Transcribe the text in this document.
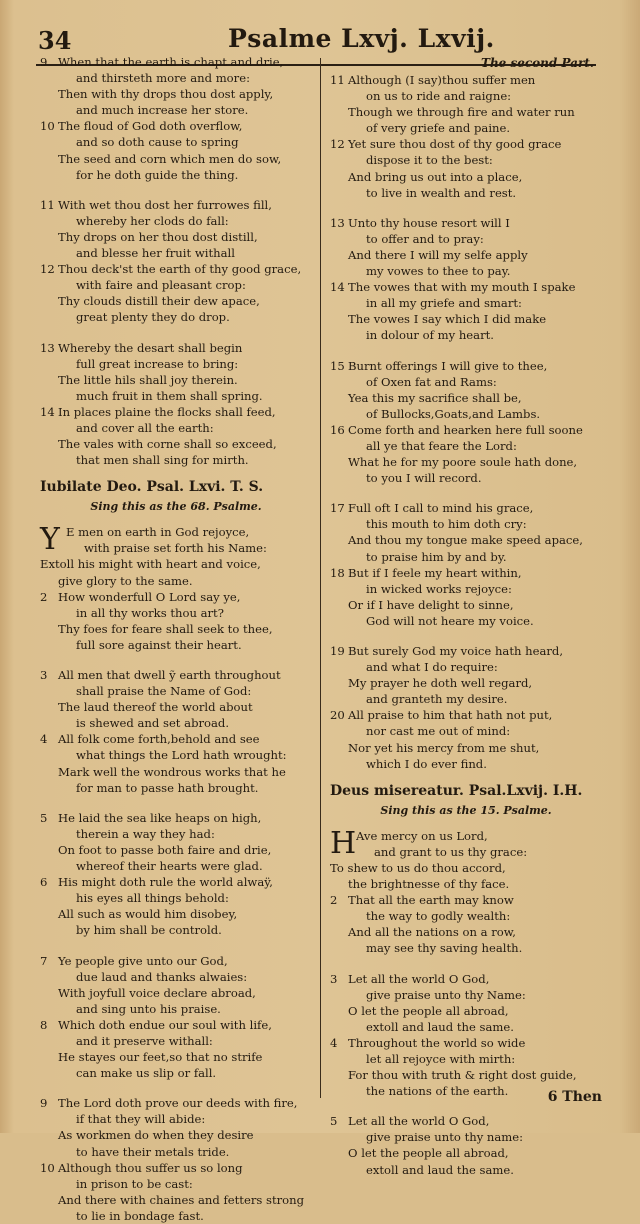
34	Psalme Lxvj. Lxvij.
9 When that the earth is chapt and drie,
and thirsteth more and more:
Then with thy drops thou dost apply,
and much increase her store.
10 The floud of God doth overflow,
and so doth cause to spring
The seed and corn which men do sow,
for he doth guide the thing.
11 With wet thou dost her furrowes fill,
whereby her clods do fall:
Thy drops on her thou dost distill,
and blesse her fruit withall
12 Thou deck'st the earth of thy good grace,
with faire and pleasant crop:
Thy clouds distill their dew apace,
great plenty they do drop.
13 Whereby the desart shall begin
full great increase to bring:
The little hils shall joy therein.
much fruit in them shall spring.
14 In places plaine the flocks shall feed,
and cover all the earth:
The vales with corne shall so exceed,
that men shall sing for mirth.
Iubilate Deo. Psal. Lxvi. T. S.
Sing this as the 68. Psalme.
Y E men on earth in God rejoyce,
with praise set forth his Name:
Extoll his might with heart and voice,
give glory to the same.
2 How wonderfull O Lord say ye,
in all thy works thou art?
Thy foes for feare shall seek to thee,
full sore against their heart.
3 All men that dwell ỹ earth throughout
shall praise the Name of God:
The laud thereof the world about
is shewed and set abroad.
4 All folk come forth,behold and see
what things the Lord hath wrought:
Mark well the wondrous works that he
for man to passe hath brought.
5 He laid the sea like heaps on high,
therein a way they had:
On foot to passe both faire and drie,
whereof their hearts were glad.
6 His might doth rule the world alwaÿ,
his eyes all things behold:
All such as would him disobey,
by him shall be controld.
7 Ye people give unto our God,
due laud and thanks alwaies:
With joyfull voice declare abroad,
and sing unto his praise.
8 Which doth endue our soul with life,
and it preserve withall:
He stayes our feet,so that no strife
can make us slip or fall.
9 The Lord doth prove our deeds with fire,
if that they will abide:
As workmen do when they desire
to have their metals tride.
10 Although thou suffer us so long
in prison to be cast:
And there with chaines and fetters strong
to lie in bondage fast.
The second Part.
11 Although (I say)thou suffer men
on us to ride and raigne:
Though we through fire and water run
of very griefe and paine.
12 Yet sure thou dost of thy good grace
dispose it to the best:
And bring us out into a place,
to live in wealth and rest.
13 Unto thy house resort will I
to offer and to pray:
And there I will my selfe apply
my vowes to thee to pay.
14 The vowes that with my mouth I spake
in all my griefe and smart:
The vowes I say which I did make
in dolour of my heart.
15 Burnt offerings I will give to thee,
of Oxen fat and Rams:
Yea this my sacrifice shall be,
of Bullocks,Goats,and Lambs.
16 Come forth and hearken here full soone
all ye that feare the Lord:
What he for my poore soule hath done,
to you I will record.
17 Full oft I call to mind his grace,
this mouth to him doth cry:
And thou my tongue make speed apace,
to praise him by and by.
18 But if I feele my heart within,
in wicked works rejoyce:
Or if I have delight to sinne,
God will not heare my voice.
19 But surely God my voice hath heard,
and what I do require:
My prayer he doth well regard,
and granteth my desire.
20 All praise to him that hath not put,
nor cast me out of mind:
Nor yet his mercy from me shut,
which I do ever find.
Deus misereatur. Psal.Lxvij. I.H.
Sing this as the 15. Psalme.
H Ave mercy on us Lord,
and grant to us thy grace:
To shew to us do thou accord,
the brightnesse of thy face.
2 That all the earth may know
the way to godly wealth:
And all the nations on a row,
may see thy saving health.
3 Let all the world O God,
give praise unto thy Name:
O let the people all abroad,
extoll and laud the same.
4 Throughout the world so wide
let all rejoyce with mirth:
For thou with truth & right dost guide,
the nations of the earth.
5 Let all the world O God,
give praise unto thy name:
O let the people all abroad,
extoll and laud the same.
6 Then
